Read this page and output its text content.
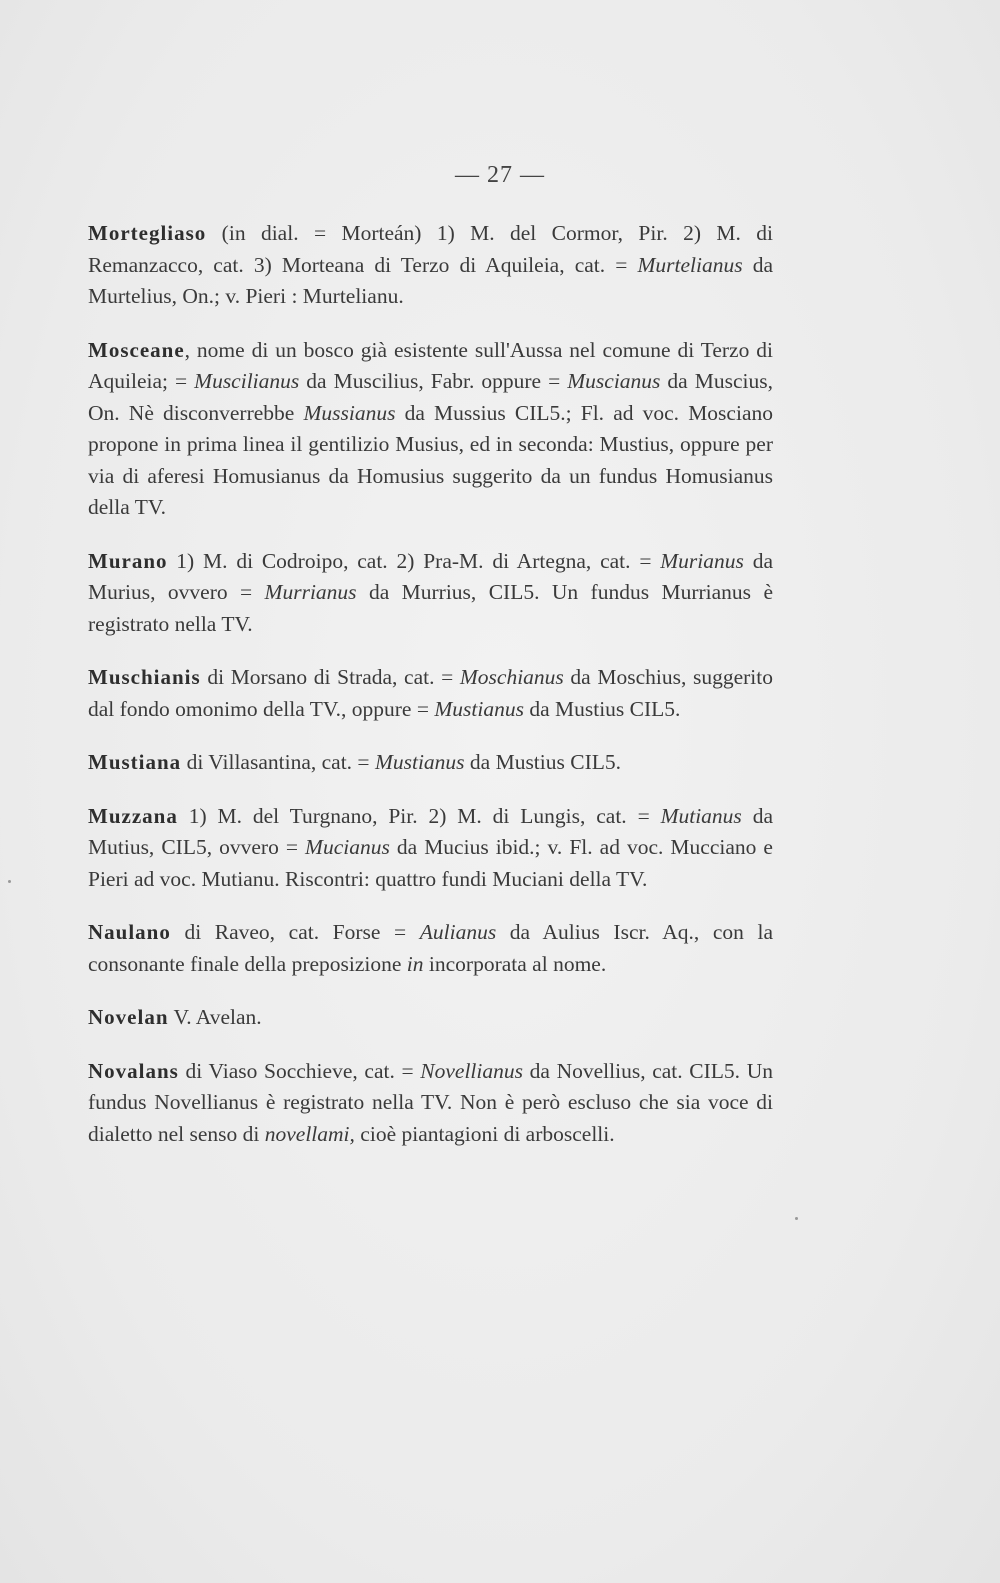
— 27 —

Mortegliaso (in dial. = Morteán) 1) M. del Cormor, Pir. 2) M. di Remanzacco, cat. 3) Morteana di Terzo di Aquileia, cat. = Murtelianus da Murtelius, On.; v. Pieri : Murtelianu.

Mosceane, nome di un bosco già esistente sull'Aussa nel comune di Terzo di Aquileia; = Muscilianus da Muscilius, Fabr. oppure = Muscianus da Muscius, On. Nè disconverrebbe Mussianus da Mussius CIL5.; Fl. ad voc. Mosciano propone in prima linea il gentilizio Musius, ed in seconda: Mustius, oppure per via di aferesi Homusianus da Homusius suggerito da un fundus Homusianus della TV.

Murano 1) M. di Codroipo, cat. 2) Pra-M. di Artegna, cat. = Murianus da Murius, ovvero = Murrianus da Murrius, CIL5. Un fundus Murrianus è registrato nella TV.

Muschianis di Morsano di Strada, cat. = Moschianus da Moschius, suggerito dal fondo omonimo della TV., oppure = Mustianus da Mustius CIL5.

Mustiana di Villasantina, cat. = Mustianus da Mustius CIL5.

Muzzana 1) M. del Turgnano, Pir. 2) M. di Lungis, cat. = Mutianus da Mutius, CIL5, ovvero = Mucianus da Mucius ibid.; v. Fl. ad voc. Mucciano e Pieri ad voc. Mutianu. Riscontri: quattro fundi Muciani della TV.

Naulano di Raveo, cat. Forse = Aulianus da Aulius Iscr. Aq., con la consonante finale della preposizione in incorporata al nome.

Novelan V. Avelan.

Novalans di Viaso Socchieve, cat. = Novellianus da Novellius, cat. CIL5. Un fundus Novellianus è registrato nella TV. Non è però escluso che sia voce di dialetto nel senso di novellami, cioè piantagioni di arboscelli.
